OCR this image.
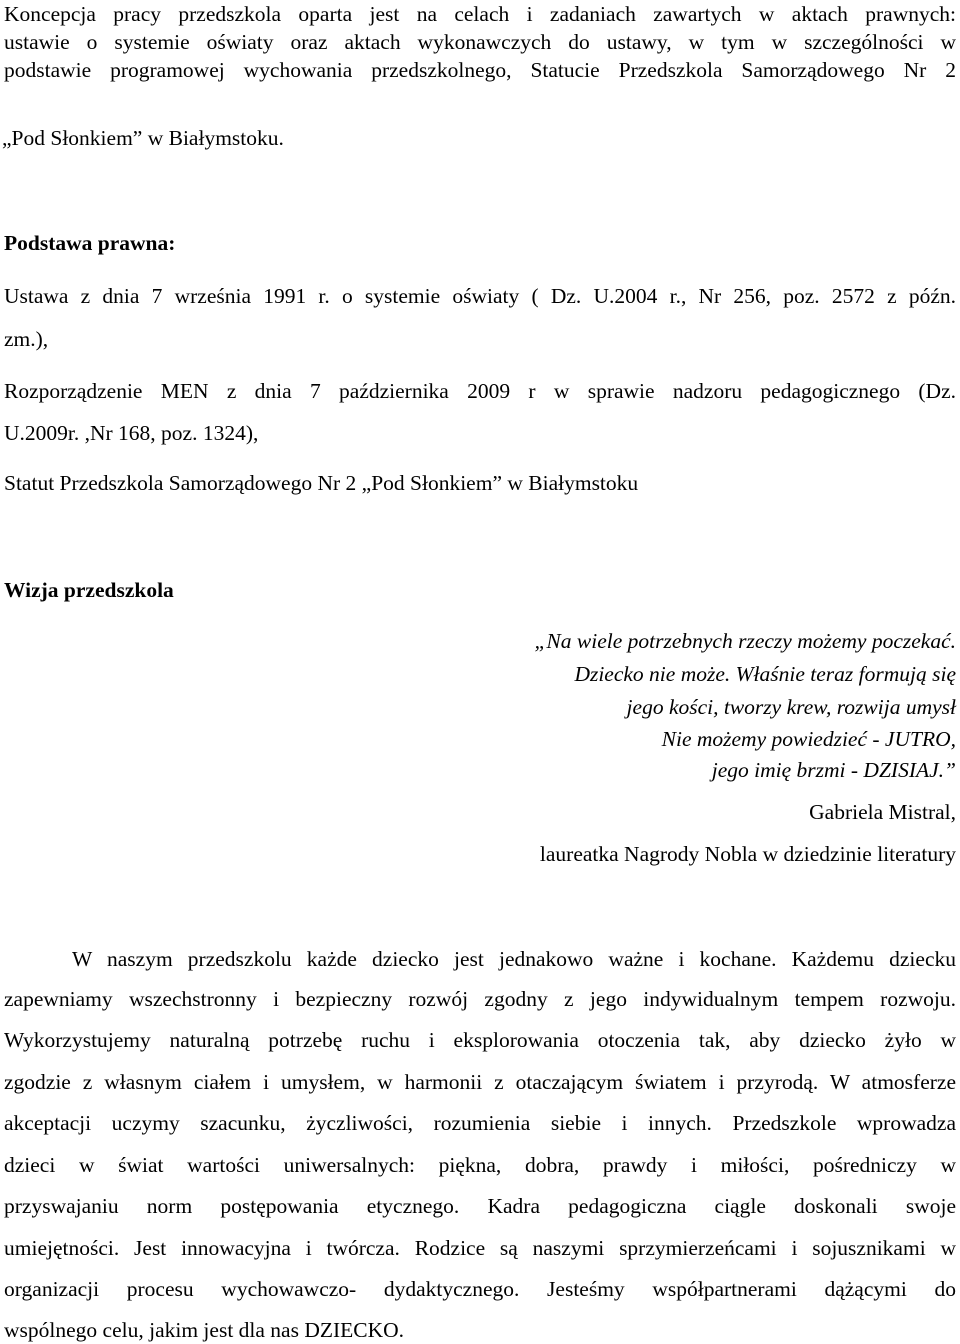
Koncepcja pracy przedszkola oparta jest na celach i zadaniach zawartych w aktach prawnych:

ustawie o systemie oświaty oraz aktach wykonawczych do ustawy, w tym w szczególności w

podstawie programowej wychowania przedszkolnego, Statucie Przedszkola Samorządowego Nr 2

„Pod Słonkiem” w Białymstoku.

Podstawa prawna:

Ustawa z dnia 7 września 1991 r. o systemie oświaty ( Dz. U.2004 r., Nr 256, poz. 2572 z późn.

zm.),

Rozporządzenie MEN z dnia 7 października 2009 r w sprawie nadzoru pedagogicznego (Dz.

U.2009r. ,Nr 168, poz. 1324),

Statut Przedszkola Samorządowego Nr 2 „Pod Słonkiem” w Białymstoku

Wizja przedszkola

„Na wiele potrzebnych rzeczy możemy poczekać.

Dziecko nie może. Właśnie teraz formują się

jego kości, tworzy krew, rozwija umysł

Nie możemy powiedzieć - JUTRO,

jego imię brzmi - DZISIAJ.”

Gabriela Mistral,

laureatka Nagrody Nobla w dziedzinie literatury

W naszym przedszkolu każde dziecko jest jednakowo ważne i kochane. Każdemu dziecku

zapewniamy wszechstronny i bezpieczny rozwój zgodny z jego indywidualnym tempem rozwoju.

Wykorzystujemy naturalną potrzebę ruchu i eksplorowania otoczenia tak, aby dziecko żyło w

zgodzie z własnym ciałem i umysłem, w harmonii z otaczającym światem i przyrodą. W atmosferze

akceptacji uczymy szacunku, życzliwości, rozumienia siebie i innych. Przedszkole wprowadza

dzieci w świat wartości uniwersalnych: piękna, dobra, prawdy i miłości, pośredniczy w

przyswajaniu norm postępowania etycznego. Kadra pedagogiczna ciągle doskonali swoje

umiejętności. Jest innowacyjna i twórcza. Rodzice są naszymi sprzymierzeńcami i sojusznikami w

organizacji procesu wychowawczo- dydaktycznego. Jesteśmy współpartnerami dążącymi do

wspólnego celu, jakim jest dla nas DZIECKO.
